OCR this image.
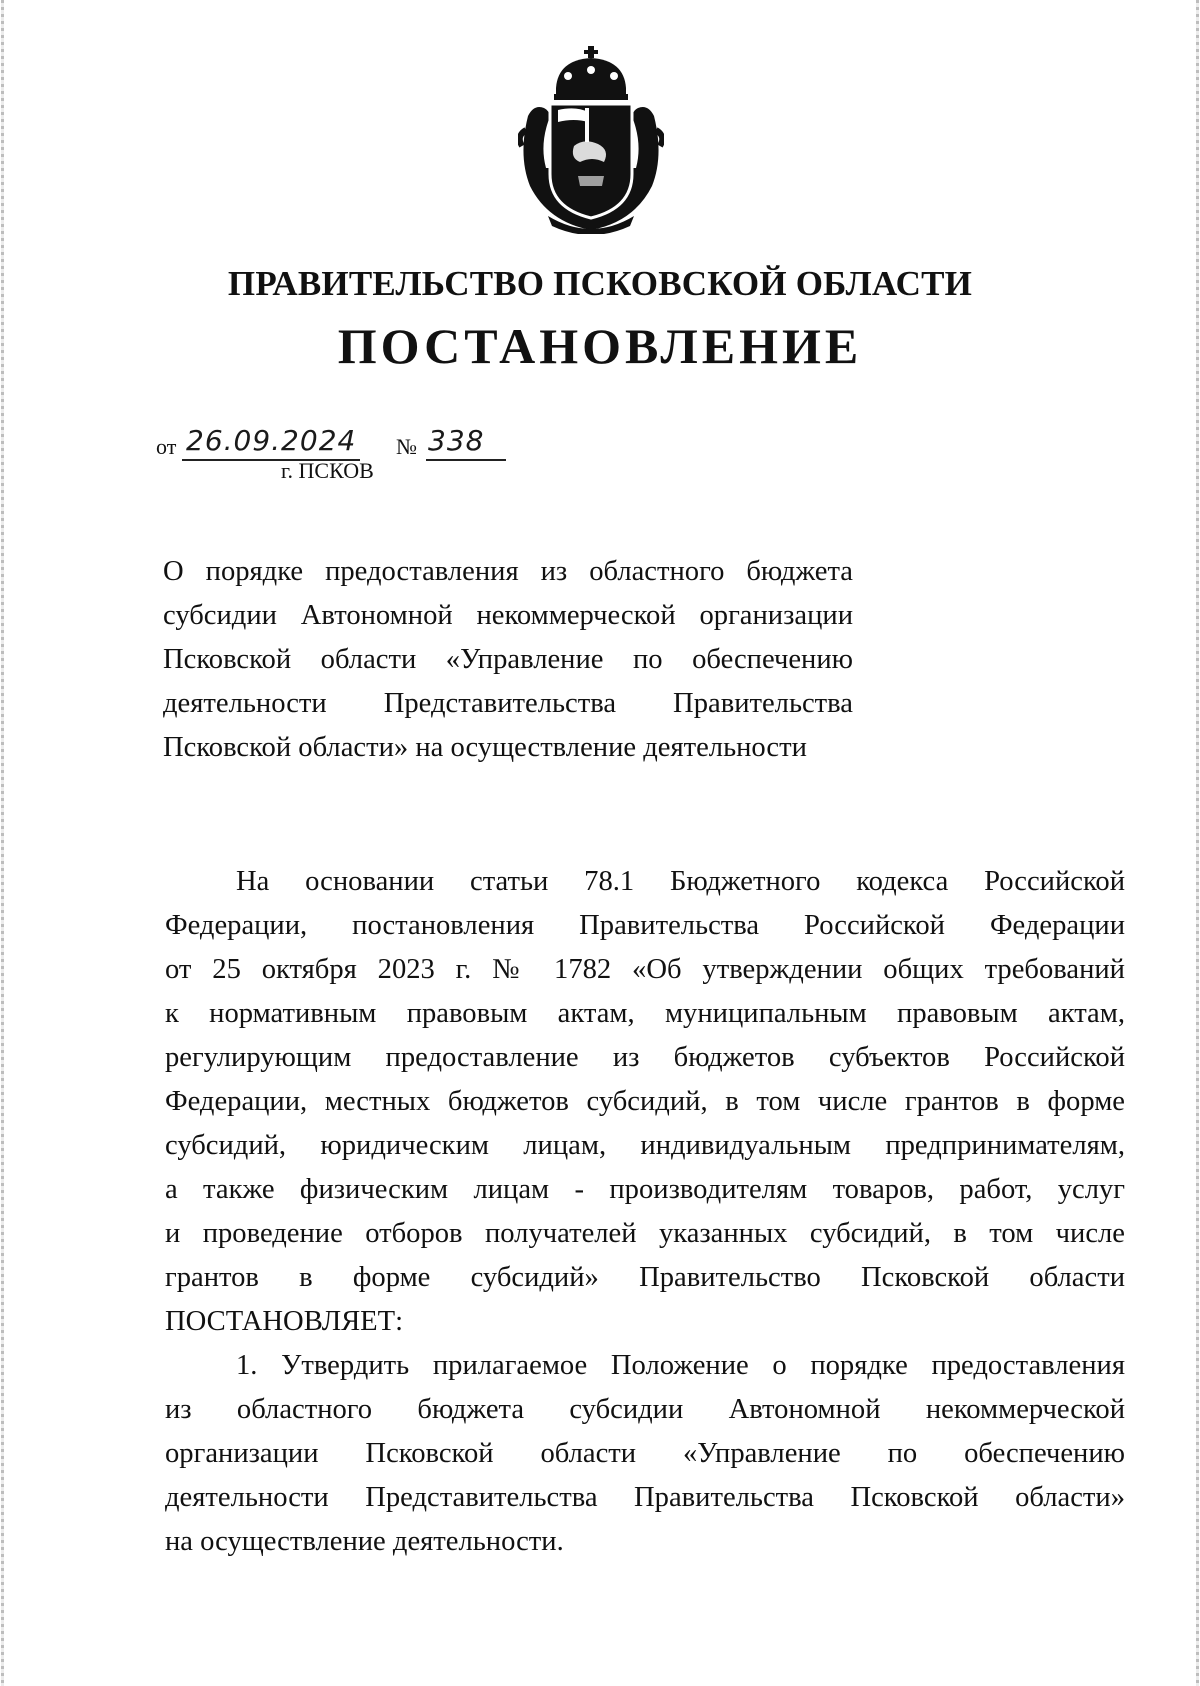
ПРАВИТЕЛЬСТВО ПСКОВСКОЙ ОБЛАСТИ
ПОСТАНОВЛЕНИЕ
от 26.09.2024 № 338
г. ПСКОВ
О порядке предоставления из областного бюджета
субсидии Автономной некоммерческой организации
Псковской области «Управление по обеспечению
деятельности Представительства Правительства
Псковской области» на осуществление деятельности
На основании статьи 78.1 Бюджетного кодекса Российской
Федерации, постановления Правительства Российской Федерации
от 25 октября 2023 г. № 1782 «Об утверждении общих требований
к нормативным правовым актам, муниципальным правовым актам,
регулирующим предоставление из бюджетов субъектов Российской
Федерации, местных бюджетов субсидий, в том числе грантов в форме
субсидий, юридическим лицам, индивидуальным предпринимателям,
а также физическим лицам - производителям товаров, работ, услуг
и проведение отборов получателей указанных субсидий, в том числе
грантов в форме субсидий» Правительство Псковской области
ПОСТАНОВЛЯЕТ:
1. Утвердить прилагаемое Положение о порядке предоставления
из областного бюджета субсидии Автономной некоммерческой
организации Псковской области «Управление по обеспечению
деятельности Представительства Правительства Псковской области»
на осуществление деятельности.
